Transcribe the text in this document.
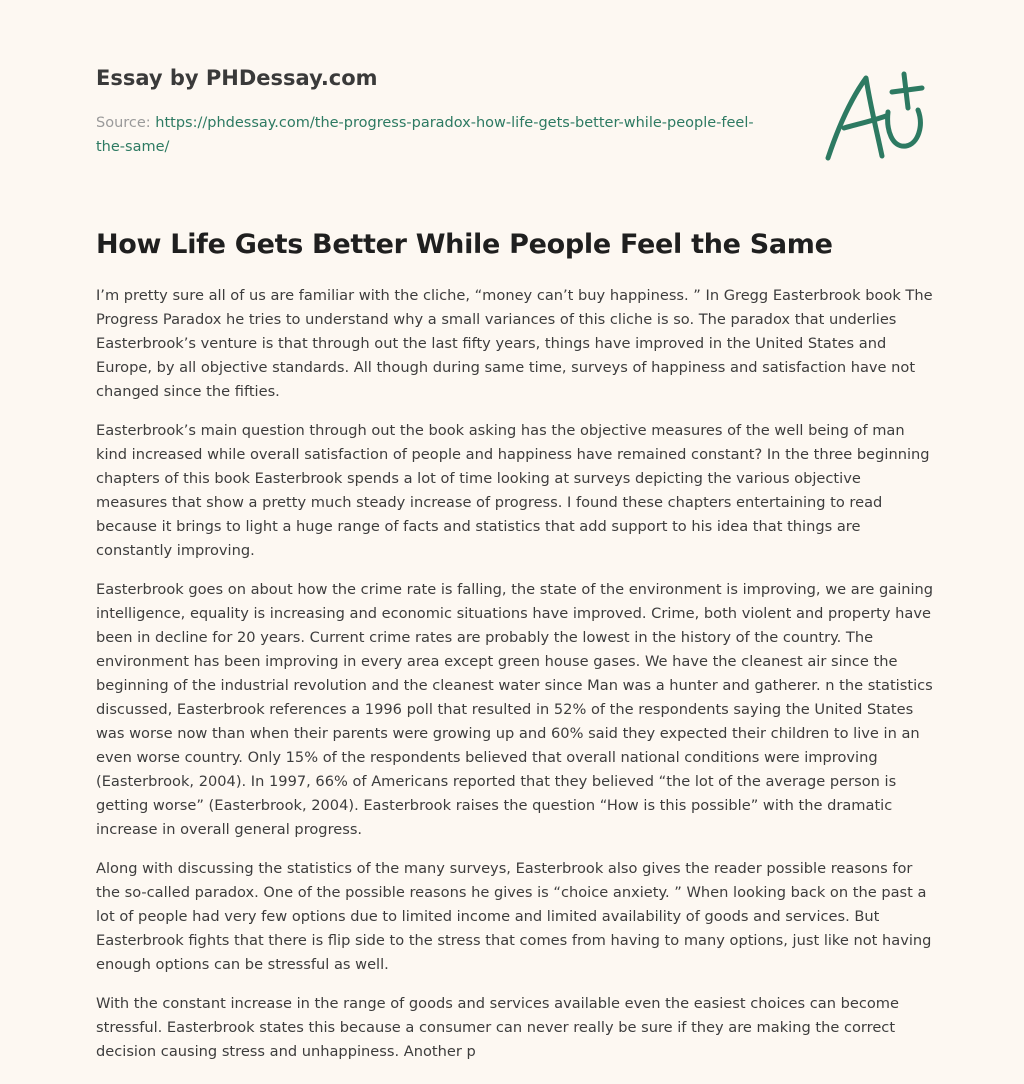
Essay by PHDessay.com
Source: https://phdessay.com/the-progress-paradox-how-life-gets-better-while-people-feel-the-same/
How Life Gets Better While People Feel the Same

I’m pretty sure all of us are familiar with the cliche, “money can’t buy happiness. ” In Gregg Easterbrook book The Progress Paradox he tries to understand why a small variances of this cliche is so. The paradox that underlies Easterbrook’s venture is that through out the last fifty years, things have improved in the United States and Europe, by all objective standards. All though during same time, surveys of happiness and satisfaction have not changed since the fifties.

Easterbrook’s main question through out the book asking has the objective measures of the well being of man kind increased while overall satisfaction of people and happiness have remained constant? In the three beginning chapters of this book Easterbrook spends a lot of time looking at surveys depicting the various objective measures that show a pretty much steady increase of progress. I found these chapters entertaining to read because it brings to light a huge range of facts and statistics that add support to his idea that things are constantly improving.

Easterbrook goes on about how the crime rate is falling, the state of the environment is improving, we are gaining intelligence, equality is increasing and economic situations have improved. Crime, both violent and property have been in decline for 20 years. Current crime rates are probably the lowest in the history of the country. The environment has been improving in every area except green house gases. We have the cleanest air since the beginning of the industrial revolution and the cleanest water since Man was a hunter and gatherer. n the statistics discussed, Easterbrook references a 1996 poll that resulted in 52% of the respondents saying the United States was worse now than when their parents were growing up and 60% said they expected their children to live in an even worse country. Only 15% of the respondents believed that overall national conditions were improving (Easterbrook, 2004). In 1997, 66% of Americans reported that they believed “the lot of the average person is getting worse” (Easterbrook, 2004). Easterbrook raises the question “How is this possible” with the dramatic increase in overall general progress.

Along with discussing the statistics of the many surveys, Easterbrook also gives the reader possible reasons for the so-called paradox. One of the possible reasons he gives is “choice anxiety. ” When looking back on the past a lot of people had very few options due to limited income and limited availability of goods and services. But Easterbrook fights that there is flip side to the stress that comes from having to many options, just like not having enough options can be stressful as well.

With the constant increase in the range of goods and services available even the easiest choices can become stressful. Easterbrook states this because a consumer can never really be sure if they are making the correct decision causing stress and unhappiness. Another p
